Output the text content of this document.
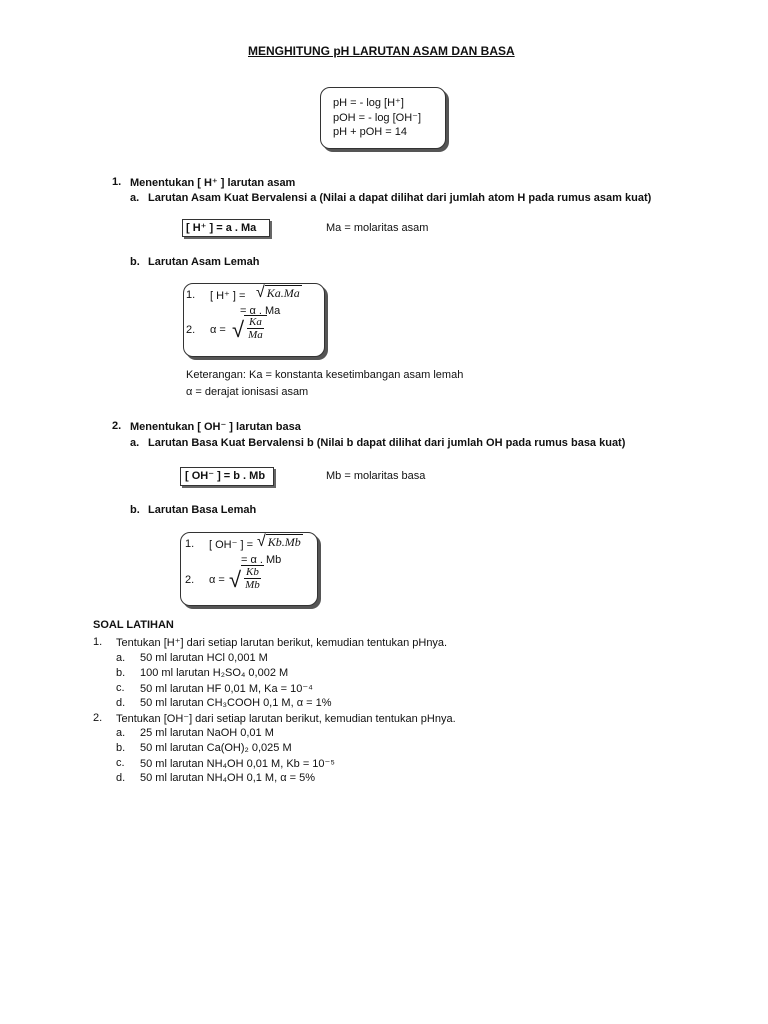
MENGHITUNG pH LARUTAN ASAM DAN BASA
pH = - log [H⁺]
pOH = - log [OH⁻]
pH + pOH = 14
1. Menentukan [ H⁺ ] larutan asam
a. Larutan Asam Kuat Bervalensi a (Nilai a dapat dilihat dari jumlah atom H pada rumus asam kuat)
[ H⁺ ] = a . Ma	Ma = molaritas asam
b. Larutan Asam Lemah
1. [ H⁺ ] = √ Ka.Ma
= α . Ma
2. α = √ $\frac{Ka}{Ma}$
Keterangan: Ka = konstanta kesetimbangan asam lemah
α = derajat ionisasi asam
2. Menentukan [ OH⁻ ] larutan basa
a. Larutan Basa Kuat Bervalensi b (Nilai b dapat dilihat dari jumlah OH pada rumus basa kuat)
[ OH⁻ ] = b . Mb	Mb = molaritas basa
b. Larutan Basa Lemah
1. [ OH⁻ ] = √ Kb.Mb
= α . Mb
2. α = √ $\frac{Kb}{Mb}$
SOAL LATIHAN
1. Tentukan [H⁺] dari setiap larutan berikut, kemudian tentukan pHnya.
a. 50 ml larutan HCl 0,001 M
b. 100 ml larutan H₂SO₄ 0,002 M
c. 50 ml larutan HF 0,01 M, Ka = 10⁻⁴
d. 50 ml larutan CH₃COOH 0,1 M, α = 1%
2. Tentukan [OH⁻] dari setiap larutan berikut, kemudian tentukan pHnya.
a. 25 ml larutan NaOH 0,01 M
b. 50 ml larutan Ca(OH)₂ 0,025 M
c. 50 ml larutan NH₄OH 0,01 M, Kb = 10⁻⁵
d. 50 ml larutan NH₄OH 0,1 M, α = 5%
